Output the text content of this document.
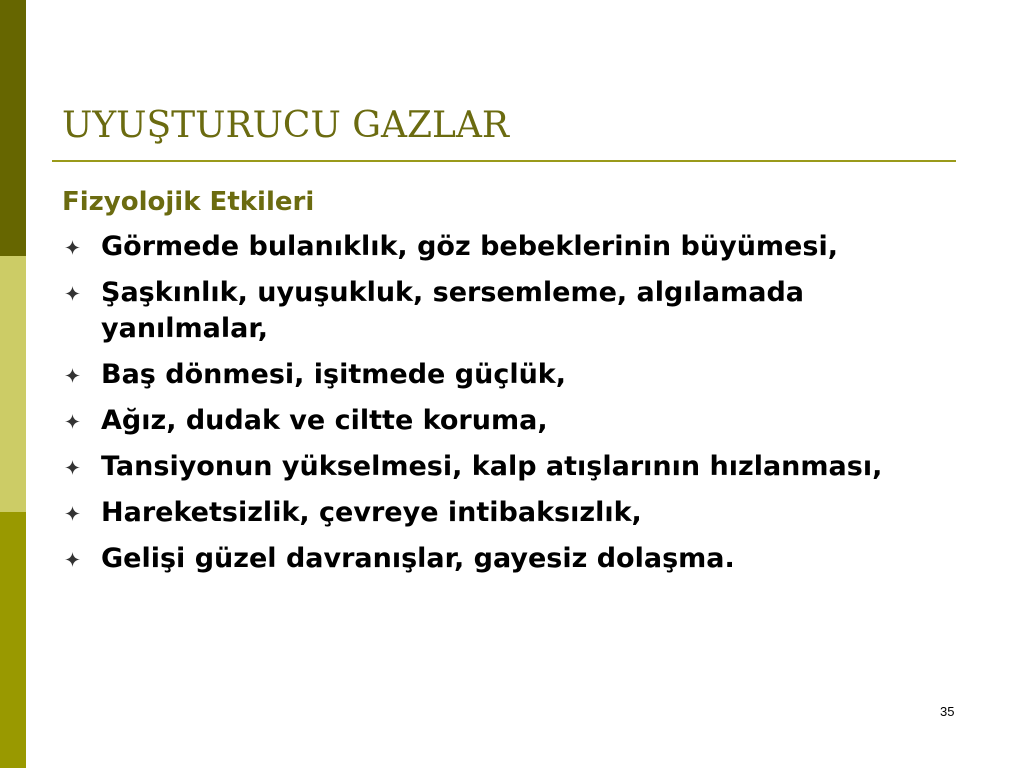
UYUŞTURUCU GAZLAR
Fizyolojik Etkileri
Görmede bulanıklık, göz bebeklerinin büyümesi,
Şaşkınlık, uyuşukluk, sersemleme, algılamada yanılmalar,
Baş dönmesi, işitmede güçlük,
Ağız, dudak ve ciltte koruma,
Tansiyonun yükselmesi, kalp atışlarının hızlanması,
Hareketsizlik, çevreye intibaksızlık,
Gelişi güzel davranışlar, gayesiz dolaşma.
35
